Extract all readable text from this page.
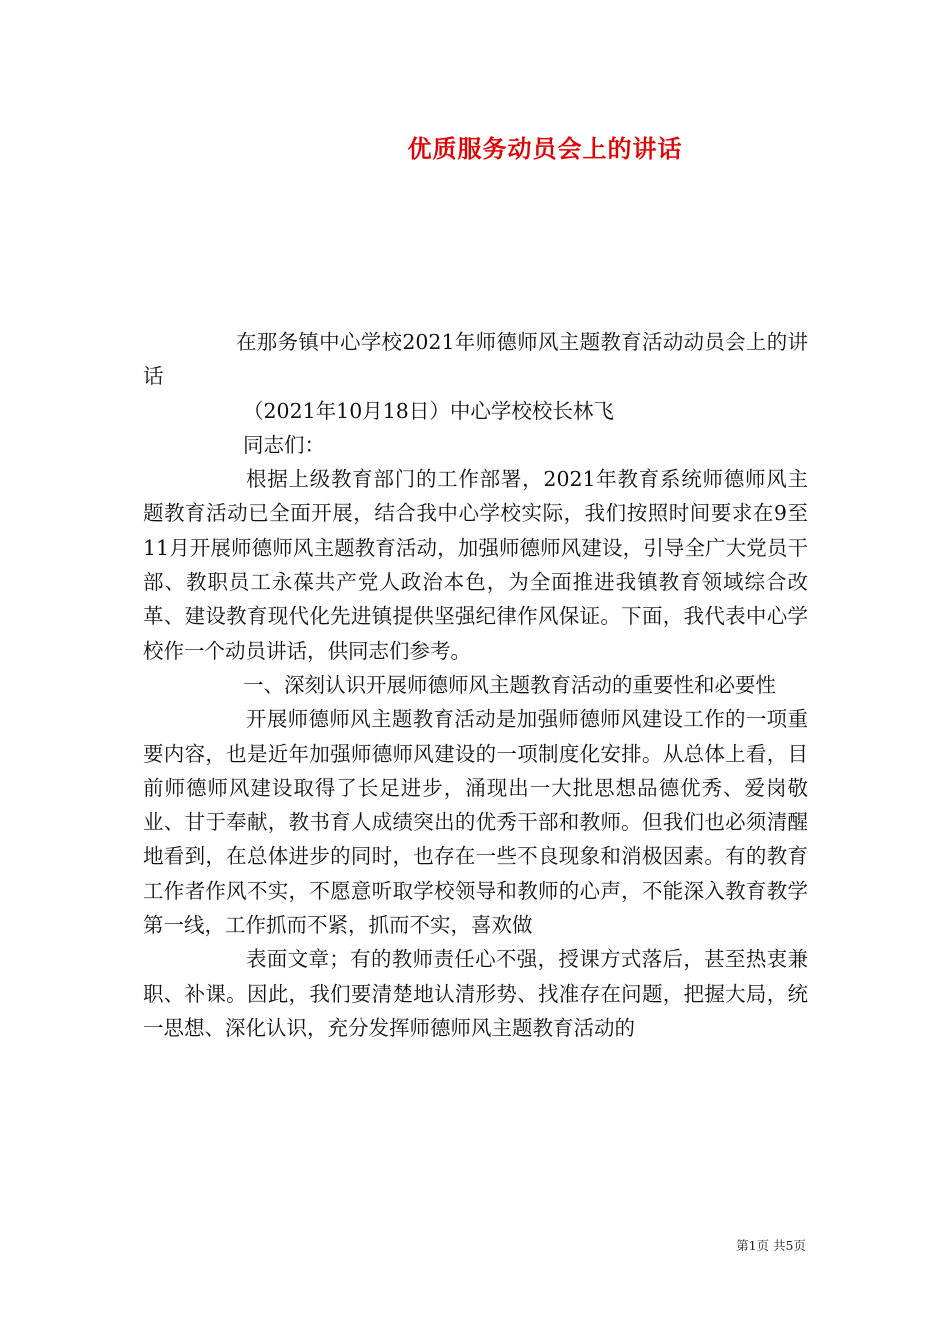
优质服务动员会上的讲话

在那务镇中心学校2021年师德师风主题教育活动动员会上的讲话

（2021年10月18日）中心学校校长林飞

同志们：

根据上级教育部门的工作部署，2021年教育系统师德师风主题教育活动已全面开展，结合我中心学校实际，我们按照时间要求在9至11月开展师德师风主题教育活动，加强师德师风建设，引导全广大党员干部、教职员工永葆共产党人政治本色，为全面推进我镇教育领域综合改革、建设教育现代化先进镇提供坚强纪律作风保证。下面，我代表中心学校作一个动员讲话，供同志们参考。

一、深刻认识开展师德师风主题教育活动的重要性和必要性

开展师德师风主题教育活动是加强师德师风建设工作的一项重要内容，也是近年加强师德师风建设的一项制度化安排。从总体上看，目前师德师风建设取得了长足进步，涌现出一大批思想品德优秀、爱岗敬业、甘于奉献，教书育人成绩突出的优秀干部和教师。但我们也必须清醒地看到，在总体进步的同时，也存在一些不良现象和消极因素。有的教育工作者作风不实，不愿意听取学校领导和教师的心声，不能深入教育教学第一线，工作抓而不紧，抓而不实，喜欢做

表面文章；有的教师责任心不强，授课方式落后，甚至热衷兼职、补课。因此，我们要清楚地认清形势、找准存在问题，把握大局，统一思想、深化认识，充分发挥师德师风主题教育活动的

第1页 共5页
